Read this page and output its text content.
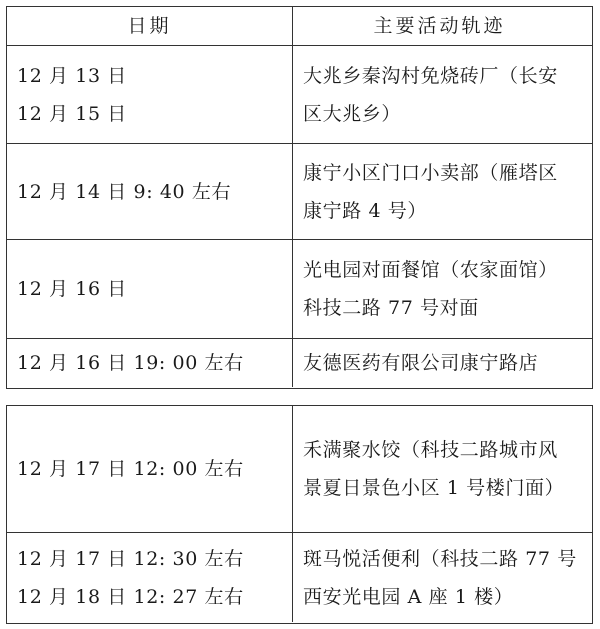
日期	主要活动轨迹
12 月 13 日
12 月 15 日
大兆乡秦沟村免烧砖厂（长安
区大兆乡）
12 月 14 日 9: 40 左右
康宁小区门口小卖部（雁塔区
康宁路 4 号）
12 月 16 日
光电园对面餐馆（农家面馆）
科技二路 77 号对面
12 月 16 日 19: 00 左右	友德医药有限公司康宁路店
12 月 17 日 12: 00 左右
禾满聚水饺（科技二路城市风
景夏日景色小区 1 号楼门面）
12 月 17 日 12: 30 左右
12 月 18 日 12: 27 左右
斑马悦活便利（科技二路 77 号
西安光电园 A 座 1 楼）
